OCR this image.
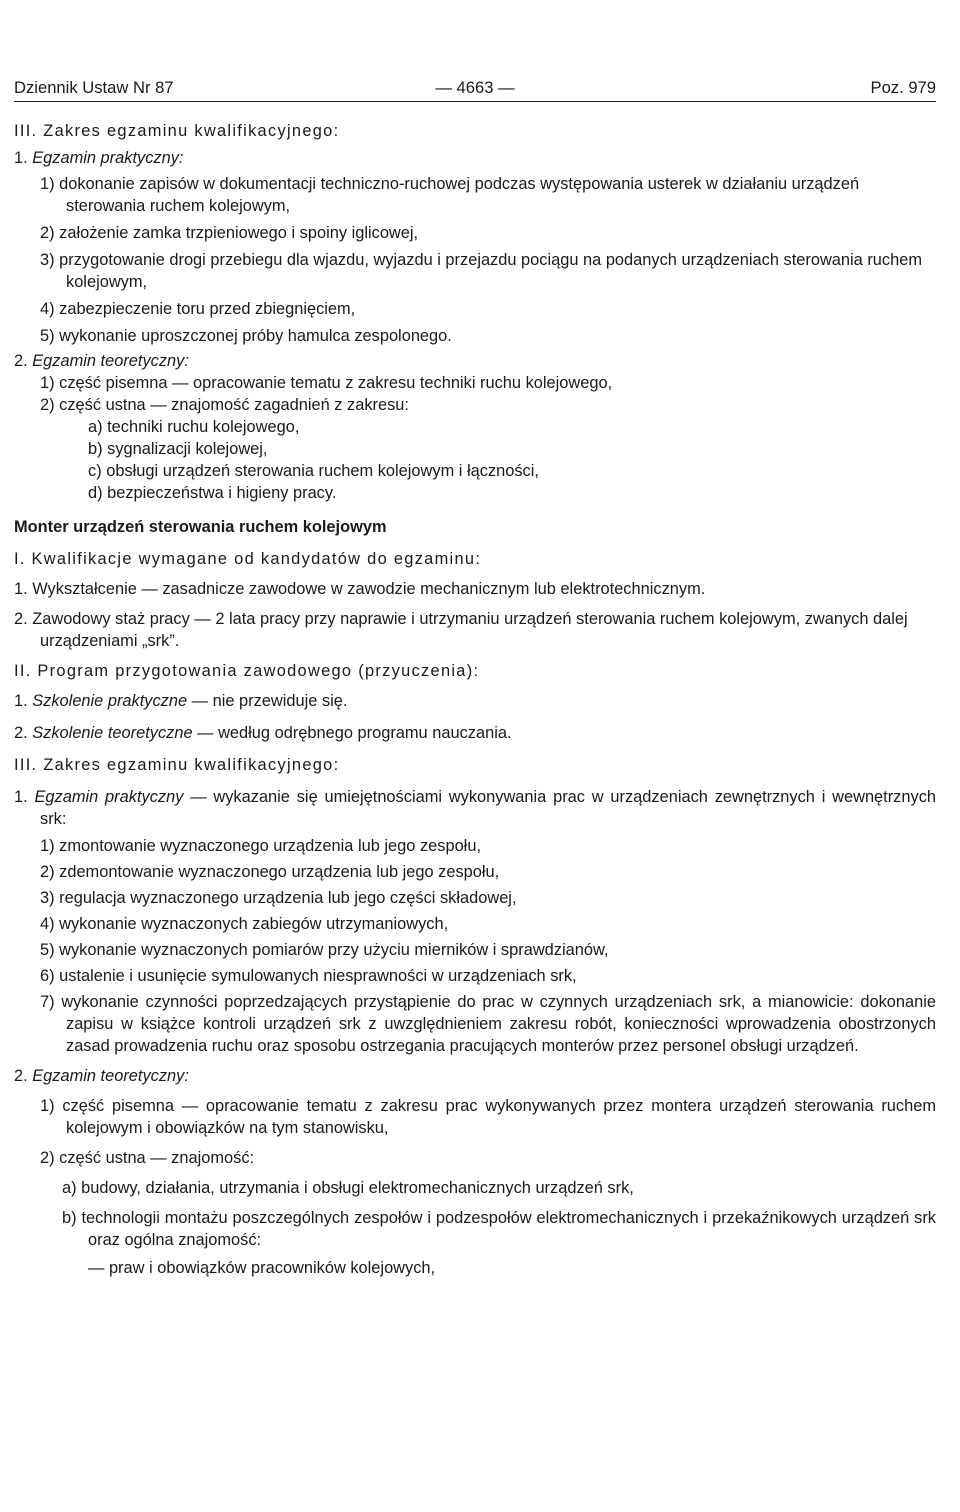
Dziennik Ustaw Nr 87	— 4663 —	Poz. 979

III. Zakres egzaminu kwalifikacyjnego:

1. Egzamin praktyczny:

1) dokonanie zapisów w dokumentacji techniczno-ruchowej podczas występowania usterek w działaniu urządzeń sterowania ruchem kolejowym,

2) założenie zamka trzpieniowego i spoiny iglicowej,

3) przygotowanie drogi przebiegu dla wjazdu, wyjazdu i przejazdu pociągu na podanych urządzeniach sterowania ruchem kolejowym,

4) zabezpieczenie toru przed zbiegnięciem,

5) wykonanie uproszczonej próby hamulca zespolonego.

2. Egzamin teoretyczny:

1) część pisemna — opracowanie tematu z zakresu techniki ruchu kolejowego,

2) część ustna — znajomość zagadnień z zakresu:

a) techniki ruchu kolejowego,

b) sygnalizacji kolejowej,

c) obsługi urządzeń sterowania ruchem kolejowym i łączności,

d) bezpieczeństwa i higieny pracy.

Monter urządzeń sterowania ruchem kolejowym

I. Kwalifikacje wymagane od kandydatów do egzaminu:

1. Wykształcenie — zasadnicze zawodowe w zawodzie mechanicznym lub elektrotechnicznym.

2. Zawodowy staż pracy — 2 lata pracy przy naprawie i utrzymaniu urządzeń sterowania ruchem kolejowym, zwanych dalej urządzeniami „srk”.

II. Program przygotowania zawodowego (przyuczenia):

1. Szkolenie praktyczne — nie przewiduje się.

2. Szkolenie teoretyczne — według odrębnego programu nauczania.

III. Zakres egzaminu kwalifikacyjnego:

1. Egzamin praktyczny — wykazanie się umiejętnościami wykonywania prac w urządzeniach zewnętrznych i wewnętrznych srk:

1) zmontowanie wyznaczonego urządzenia lub jego zespołu,

2) zdemontowanie wyznaczonego urządzenia lub jego zespołu,

3) regulacja wyznaczonego urządzenia lub jego części składowej,

4) wykonanie wyznaczonych zabiegów utrzymaniowych,

5) wykonanie wyznaczonych pomiarów przy użyciu mierników i sprawdzianów,

6) ustalenie i usunięcie symulowanych niesprawności w urządzeniach srk,

7) wykonanie czynności poprzedzających przystąpienie do prac w czynnych urządzeniach srk, a mianowicie: dokonanie zapisu w książce kontroli urządzeń srk z uwzględnieniem zakresu robót, konieczności wprowadzenia obostrzonych zasad prowadzenia ruchu oraz sposobu ostrzegania pracujących monterów przez personel obsługi urządzeń.

2. Egzamin teoretyczny:

1) część pisemna — opracowanie tematu z zakresu prac wykonywanych przez montera urządzeń sterowania ruchem kolejowym i obowiązków na tym stanowisku,

2) część ustna — znajomość:

a) budowy, działania, utrzymania i obsługi elektromechanicznych urządzeń srk,

b) technologii montażu poszczególnych zespołów i podzespołów elektromechanicznych i przekaźnikowych urządzeń srk oraz ogólna znajomość:

— praw i obowiązków pracowników kolejowych,
